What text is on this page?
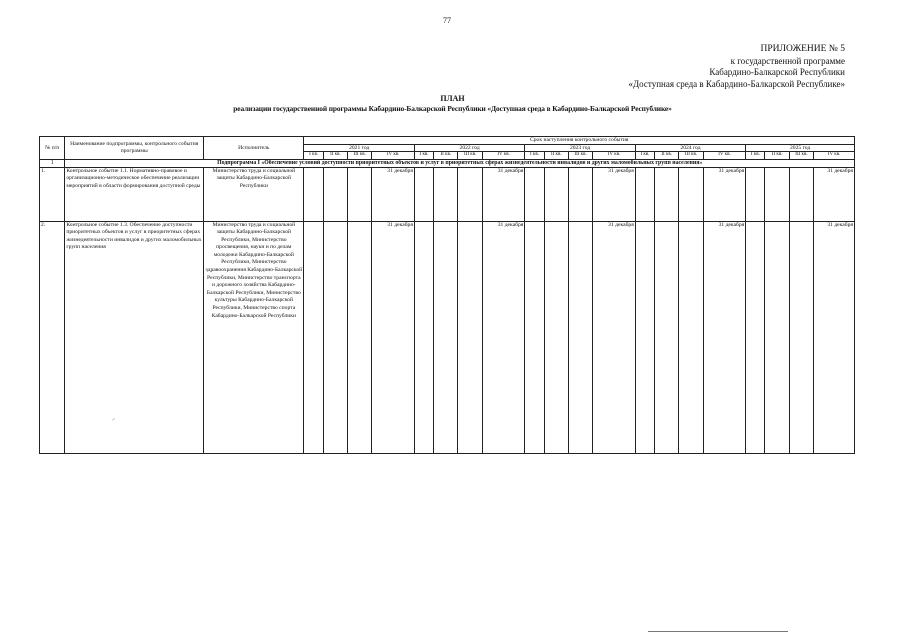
77
ПРИЛОЖЕНИЕ № 5
к государственной программе
Кабардино-Балкарской Республики
«Доступная среда в Кабардино-Балкарской Республике»
ПЛАН
реализации государственной программы Кабардино-Балкарской Республики «Доступная среда в Кабардино-Балкарской Республике»
№ п/п	Наименование подпрограммы, контрольного события программы	Исполнитель	Срок наступления контрольного события																			
			2021 год				2022 год				2023 год				2024 год				2025 год			
			I кв.	II кв.	III кв.	IV кв.	I кв.	II кв.	III кв.	IV кв.	I кв.	II кв.	III кв.	IV кв.	I кв.	II кв.	III кв.	IV кв.	I кв.	II кв.	III кв.	IV кв.
1	Подпрограмма I «Обеспечение условий доступности приоритетных объектов и услуг в приоритетных сферах жизнедеятельности инвалидов и других маломобильных групп населения»																					
1.	Контрольное событие 1.1. Нормативно-правовое и организационно-методическое обеспечение реализации мероприятий в области формирования доступной среды	Министерство труда и социальной защиты Кабардино-Балкарской Республики				31 декабря				31 декабря				31 декабря				31 декабря				31 декабря
2.	Контрольное событие 1.3. Обеспечение доступности приоритетных объектов и услуг в приоритетных сферах жизнедеятельности инвалидов и других маломобильных групп населения	Министерство труда и социальной защиты Кабардино-Балкарской Республики, Министерство просвещения, науки и по делам молодежи Кабардино-Балкарской Республики, Министерство здравоохранения Кабардино-Балкарской Республики, Министерство транспорта и дорожного хозяйства Кабардино-Балкарской Республики, Министерство культуры Кабардино-Балкарской Республики, Министерство спорта Кабардино-Балкарской Республики				31 декабря				31 декабря				31 декабря				31 декабря				31 декабря
⸝
